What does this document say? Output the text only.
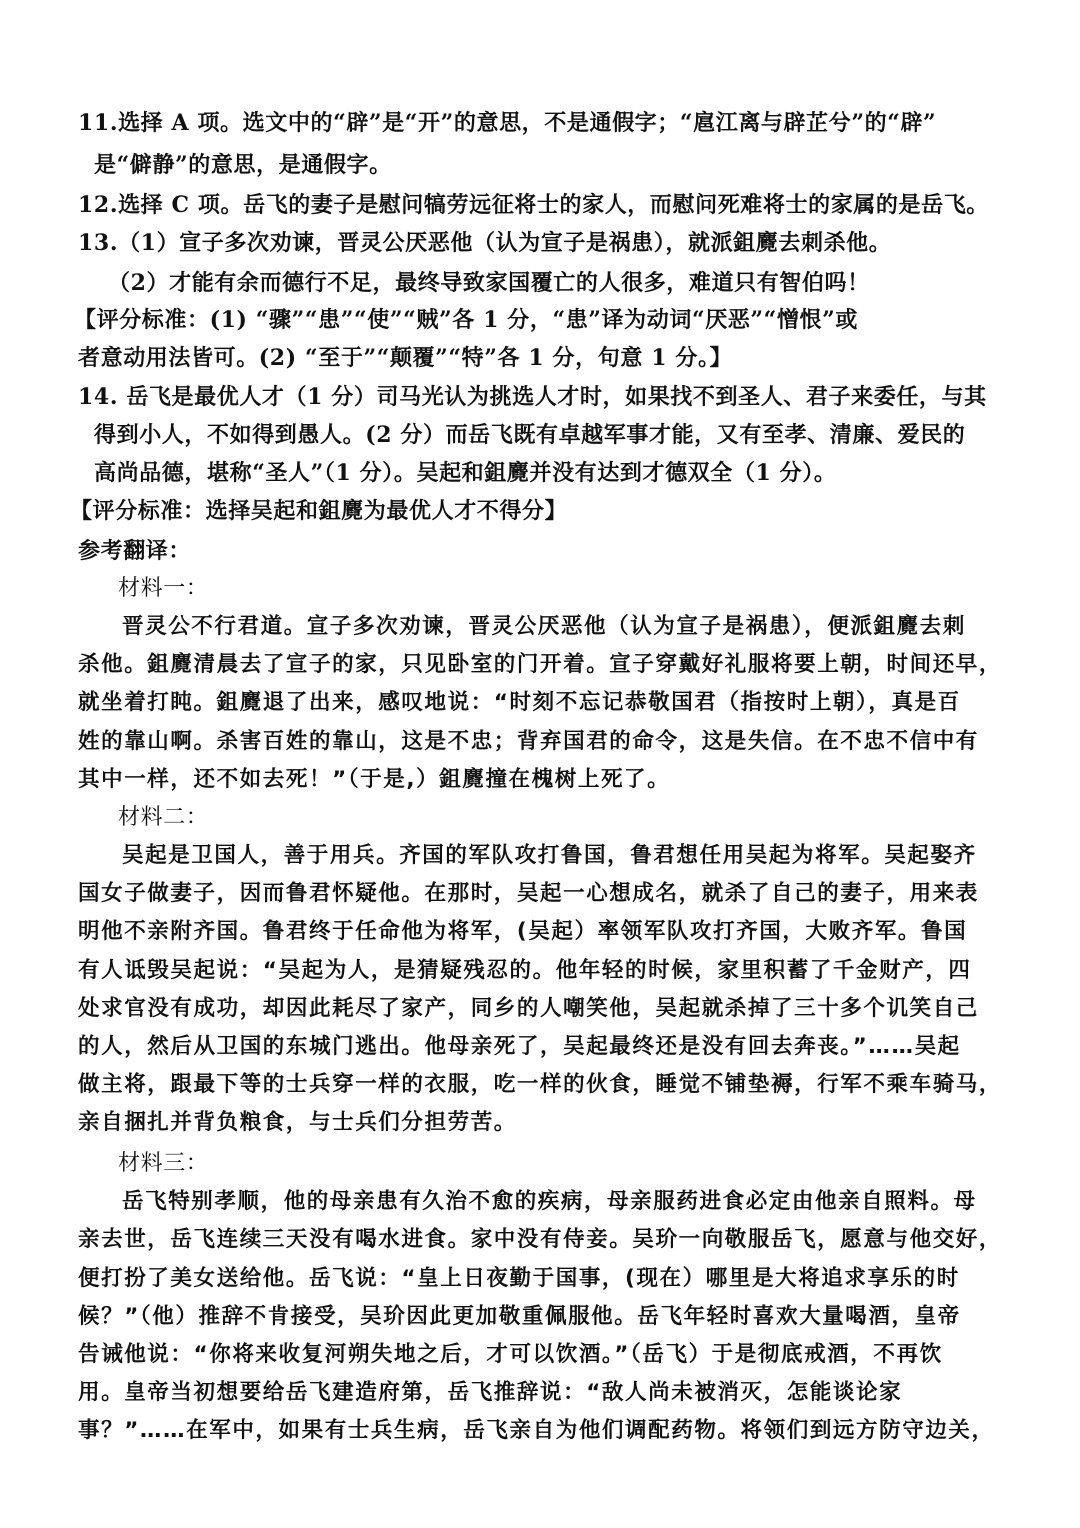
11.选择 A 项。选文中的“辟”是“开”的意思，不是通假字；“扈江离与辟芷兮”的“辟”
是“僻静”的意思，是通假字。
12.选择 C 项。岳飞的妻子是慰问犒劳远征将士的家人，而慰问死难将士的家属的是岳飞。
13.（1）宣子多次劝谏，晋灵公厌恶他（认为宣子是祸患），就派鉏麑去刺杀他。
（2）才能有余而德行不足，最终导致家国覆亡的人很多，难道只有智伯吗！
【评分标准：(1) “骤”“患”“使”“贼”各 1 分，“患”译为动词“厌恶”“憎恨”或
者意动用法皆可。(2) “至于”“颠覆”“特”各 1 分，句意 1 分。】
14. 岳飞是最优人才（1 分）司马光认为挑选人才时，如果找不到圣人、君子来委任，与其
得到小人，不如得到愚人。(2 分）而岳飞既有卓越军事才能，又有至孝、清廉、爱民的
高尚品德，堪称“圣人”（1 分）。吴起和鉏麑并没有达到才德双全（1 分）。
【评分标准：选择吴起和鉏麑为最优人才不得分】
参考翻译：
材料一：
晋灵公不行君道。宣子多次劝谏，晋灵公厌恶他（认为宣子是祸患），便派鉏麑去刺
杀他。鉏麑清晨去了宣子的家，只见卧室的门开着。宣子穿戴好礼服将要上朝，时间还早，
就坐着打盹。鉏麑退了出来，感叹地说：“时刻不忘记恭敬国君（指按时上朝），真是百
姓的靠山啊。杀害百姓的靠山，这是不忠；背弃国君的命令，这是失信。在不忠不信中有
其中一样，还不如去死！”（于是,）鉏麑撞在槐树上死了。
材料二：
吴起是卫国人，善于用兵。齐国的军队攻打鲁国，鲁君想任用吴起为将军。吴起娶齐
国女子做妻子，因而鲁君怀疑他。在那时，吴起一心想成名，就杀了自己的妻子，用来表
明他不亲附齐国。鲁君终于任命他为将军，(吴起）率领军队攻打齐国，大败齐军。鲁国
有人诋毁吴起说：“吴起为人，是猜疑残忍的。他年轻的时候，家里积蓄了千金财产，四
处求官没有成功，却因此耗尽了家产，同乡的人嘲笑他，吴起就杀掉了三十多个讥笑自己
的人，然后从卫国的东城门逃出。他母亲死了，吴起最终还是没有回去奔丧。”……吴起
做主将，跟最下等的士兵穿一样的衣服，吃一样的伙食，睡觉不铺垫褥，行军不乘车骑马，
亲自捆扎并背负粮食，与士兵们分担劳苦。
材料三：
岳飞特别孝顺，他的母亲患有久治不愈的疾病，母亲服药进食必定由他亲自照料。母
亲去世，岳飞连续三天没有喝水进食。家中没有侍妾。吴玠一向敬服岳飞，愿意与他交好，
便打扮了美女送给他。岳飞说：“皇上日夜勤于国事，(现在）哪里是大将追求享乐的时
候？”（他）推辞不肯接受，吴玠因此更加敬重佩服他。岳飞年轻时喜欢大量喝酒，皇帝
告诫他说：“你将来收复河朔失地之后，才可以饮酒。”（岳飞）于是彻底戒酒，不再饮
用。皇帝当初想要给岳飞建造府第，岳飞推辞说：“敌人尚未被消灭，怎能谈论家
事？”……在军中，如果有士兵生病，岳飞亲自为他们调配药物。将领们到远方防守边关，
